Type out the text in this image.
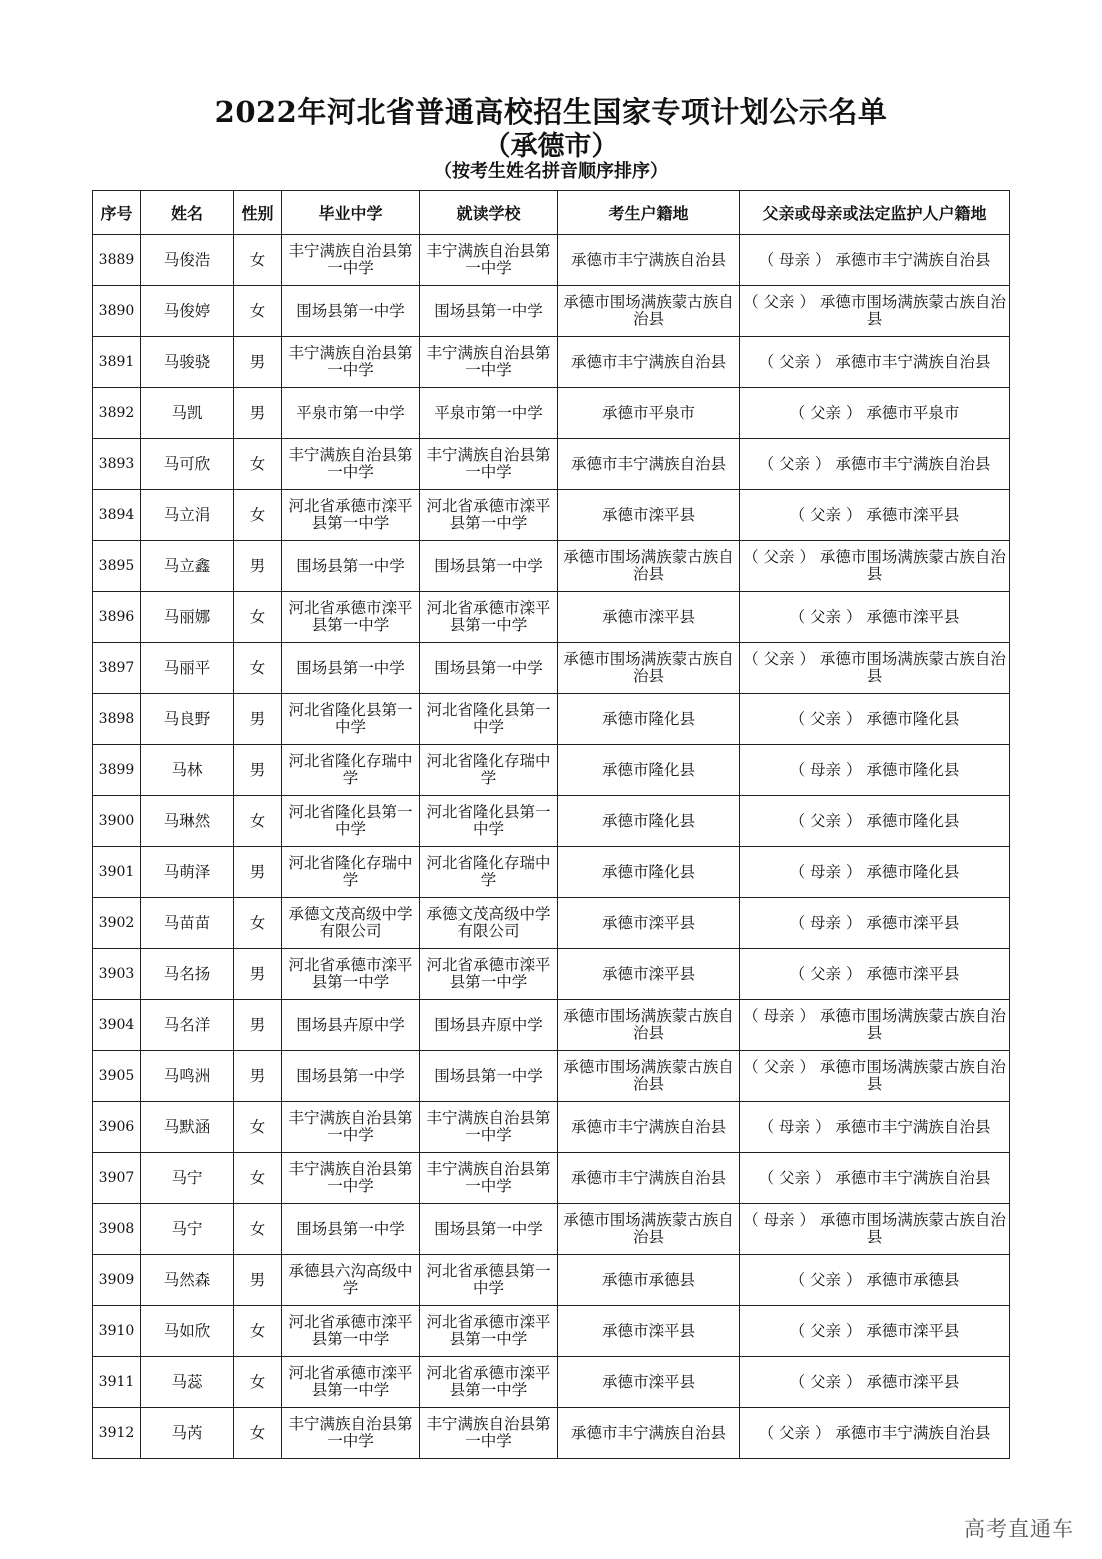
2022年河北省普通高校招生国家专项计划公示名单
（承德市）
（按考生姓名拼音顺序排序）
序号	姓名	性别	毕业中学	就读学校	考生户籍地	父亲或母亲或法定监护人户籍地
3889	马俊浩	女	丰宁满族自治县第一中学	丰宁满族自治县第一中学	承德市丰宁满族自治县	（ 母亲 ） 承德市丰宁满族自治县
3890	马俊婷	女	围场县第一中学	围场县第一中学	承德市围场满族蒙古族自治县	（ 父亲 ） 承德市围场满族蒙古族自治县
3891	马骏骁	男	丰宁满族自治县第一中学	丰宁满族自治县第一中学	承德市丰宁满族自治县	（ 父亲 ） 承德市丰宁满族自治县
3892	马凯	男	平泉市第一中学	平泉市第一中学	承德市平泉市	（ 父亲 ） 承德市平泉市
3893	马可欣	女	丰宁满族自治县第一中学	丰宁满族自治县第一中学	承德市丰宁满族自治县	（ 父亲 ） 承德市丰宁满族自治县
3894	马立涓	女	河北省承德市滦平县第一中学	河北省承德市滦平县第一中学	承德市滦平县	（ 父亲 ） 承德市滦平县
3895	马立鑫	男	围场县第一中学	围场县第一中学	承德市围场满族蒙古族自治县	（ 父亲 ） 承德市围场满族蒙古族自治县
3896	马丽娜	女	河北省承德市滦平县第一中学	河北省承德市滦平县第一中学	承德市滦平县	（ 父亲 ） 承德市滦平县
3897	马丽平	女	围场县第一中学	围场县第一中学	承德市围场满族蒙古族自治县	（ 父亲 ） 承德市围场满族蒙古族自治县
3898	马良野	男	河北省隆化县第一中学	河北省隆化县第一中学	承德市隆化县	（ 父亲 ） 承德市隆化县
3899	马林	男	河北省隆化存瑞中学	河北省隆化存瑞中学	承德市隆化县	（ 母亲 ） 承德市隆化县
3900	马琳然	女	河北省隆化县第一中学	河北省隆化县第一中学	承德市隆化县	（ 父亲 ） 承德市隆化县
3901	马萌泽	男	河北省隆化存瑞中学	河北省隆化存瑞中学	承德市隆化县	（ 母亲 ） 承德市隆化县
3902	马苗苗	女	承德文茂高级中学有限公司	承德文茂高级中学有限公司	承德市滦平县	（ 母亲 ） 承德市滦平县
3903	马名扬	男	河北省承德市滦平县第一中学	河北省承德市滦平县第一中学	承德市滦平县	（ 父亲 ） 承德市滦平县
3904	马名洋	男	围场县卉原中学	围场县卉原中学	承德市围场满族蒙古族自治县	（ 母亲 ） 承德市围场满族蒙古族自治县
3905	马鸣洲	男	围场县第一中学	围场县第一中学	承德市围场满族蒙古族自治县	（ 父亲 ） 承德市围场满族蒙古族自治县
3906	马默涵	女	丰宁满族自治县第一中学	丰宁满族自治县第一中学	承德市丰宁满族自治县	（ 母亲 ） 承德市丰宁满族自治县
3907	马宁	女	丰宁满族自治县第一中学	丰宁满族自治县第一中学	承德市丰宁满族自治县	（ 父亲 ） 承德市丰宁满族自治县
3908	马宁	女	围场县第一中学	围场县第一中学	承德市围场满族蒙古族自治县	（ 母亲 ） 承德市围场满族蒙古族自治县
3909	马然森	男	承德县六沟高级中学	河北省承德县第一中学	承德市承德县	（ 父亲 ） 承德市承德县
3910	马如欣	女	河北省承德市滦平县第一中学	河北省承德市滦平县第一中学	承德市滦平县	（ 父亲 ） 承德市滦平县
3911	马蕊	女	河北省承德市滦平县第一中学	河北省承德市滦平县第一中学	承德市滦平县	（ 父亲 ） 承德市滦平县
3912	马芮	女	丰宁满族自治县第一中学	丰宁满族自治县第一中学	承德市丰宁满族自治县	（ 父亲 ） 承德市丰宁满族自治县
高考直通车
